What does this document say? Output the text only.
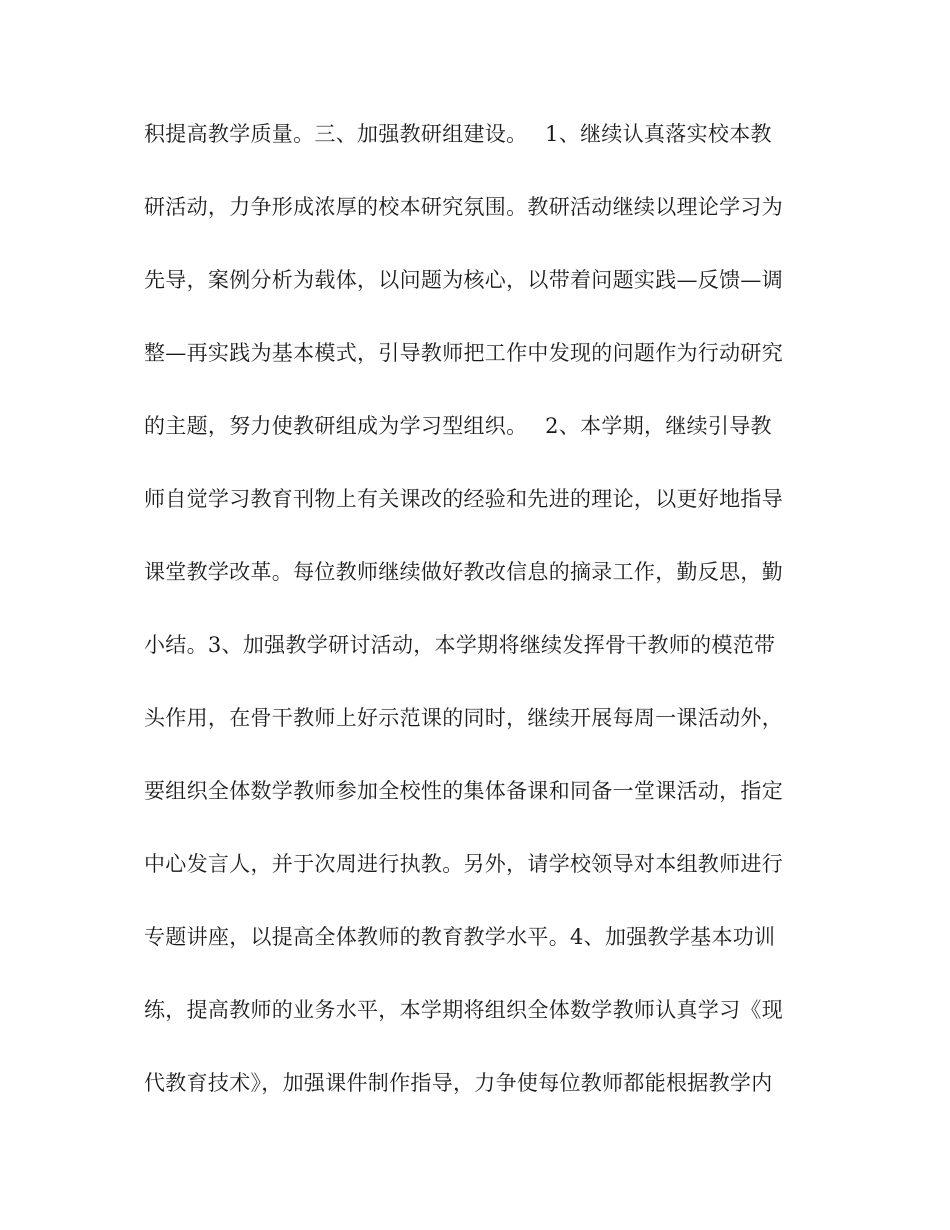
积提高教学质量。三、加强教研组建设。　 1、继续认真落实校本教
研活动，力争形成浓厚的校本研究氛围。教研活动继续以理论学习为
先导，案例分析为载体，以问题为核心，以带着问题实践—反馈—调
整—再实践为基本模式，引导教师把工作中发现的问题作为行动研究
的主题，努力使教研组成为学习型组织。　 2、本学期，继续引导教
师自觉学习教育刊物上有关课改的经验和先进的理论，以更好地指导
课堂教学改革。每位教师继续做好教改信息的摘录工作，勤反思，勤
小结。3、加强教学研讨活动，本学期将继续发挥骨干教师的模范带
头作用，在骨干教师上好示范课的同时，继续开展每周一课活动外，
要组织全体数学教师参加全校性的集体备课和同备一堂课活动，指定
中心发言人，并于次周进行执教。另外，请学校领导对本组教师进行
专题讲座，以提高全体教师的教育教学水平。4、加强教学基本功训
练，提高教师的业务水平，本学期将组织全体数学教师认真学习《现
代教育技术》，加强课件制作指导，力争使每位教师都能根据教学内
